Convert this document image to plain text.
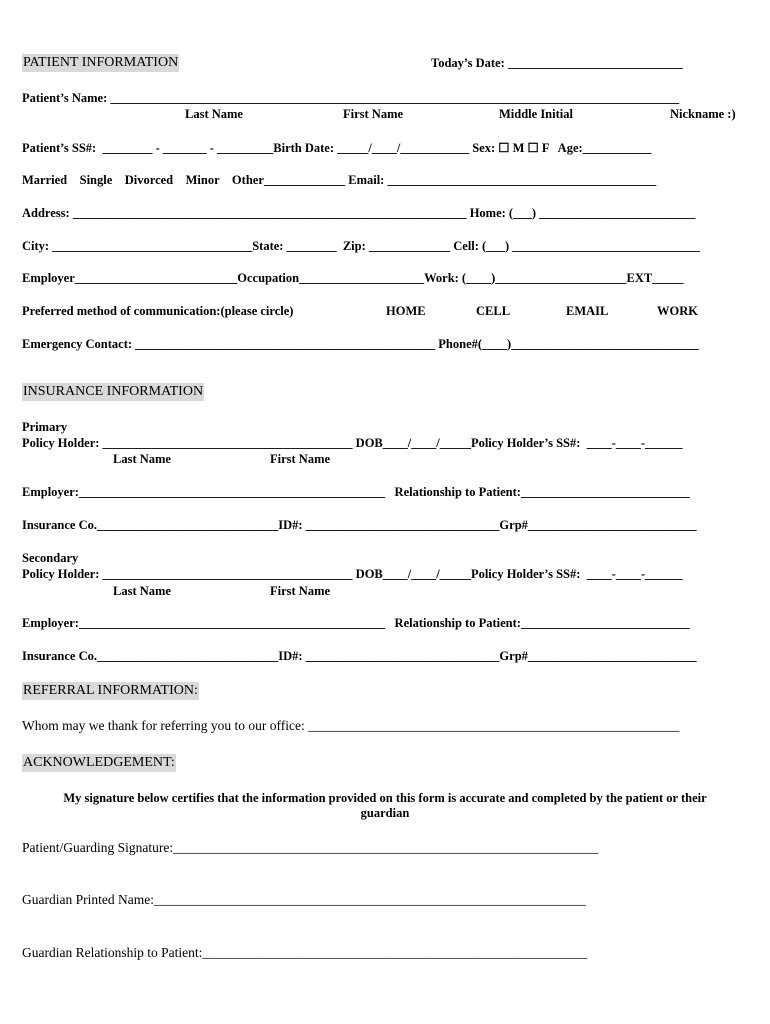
PATIENT INFORMATION	Today’s Date: ____________________________
Patient’s Name: ___________________________________________________________________________________________
Last Name	First Name	Middle Initial	Nickname :)
Patient’s SS#:  ________ - _______ - _________Birth Date: _____/____/___________ Sex: ☐ M ☐ F   Age:___________
Married    Single    Divorced    Minor    Other_____________ Email: ___________________________________________
Address: _______________________________________________________________ Home: (___) _________________________
City: ________________________________State: ________  Zip: _____________ Cell: (___) ______________________________
Employer__________________________Occupation____________________Work: (____)_____________________EXT_____
Preferred method of communication:(please circle)	HOME	CELL	EMAIL	WORK
Emergency Contact: ________________________________________________ Phone#(____)______________________________
INSURANCE INFORMATION
Primary
Policy Holder: ________________________________________ DOB____/____/_____Policy Holder’s SS#:  ____-____-______
Last Name	First Name
Employer:_________________________________________________   Relationship to Patient:___________________________
Insurance Co._____________________________ID#: _______________________________Grp#___________________________
Secondary
Policy Holder: ________________________________________ DOB____/____/_____Policy Holder’s SS#:  ____-____-______
Last Name	First Name
Employer:_________________________________________________   Relationship to Patient:___________________________
Insurance Co._____________________________ID#: _______________________________Grp#___________________________
REFERRAL INFORMATION:
Whom may we thank for referring you to our office: _______________________________________________________
ACKNOWLEDGEMENT:
My signature below certifies that the information provided on this form is accurate and completed by the patient or their
guardian
Patient/Guarding Signature:_______________________________________________________________
Guardian Printed Name:________________________________________________________________
Guardian Relationship to Patient:_________________________________________________________
